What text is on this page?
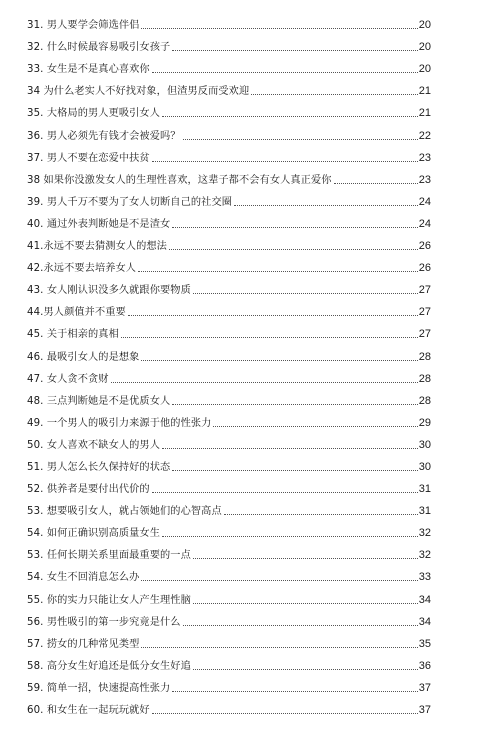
31. 男人要学会筛选伴侣	20
32. 什么时候最容易吸引女孩子	20
33. 女生是不是真心喜欢你	20
34 为什么老实人不好找对象，但渣男反而受欢迎	21
35. 大格局的男人更吸引女人	21
36. 男人必须先有钱才会被爱吗？	22
37. 男人不要在恋爱中扶贫	23
38 如果你没激发女人的生理性喜欢，这辈子都不会有女人真正爱你	23
39. 男人千万不要为了女人切断自己的社交圈	24
40. 通过外表判断她是不是渣女	24
41.永远不要去猜测女人的想法	26
42.永远不要去培养女人	26
43. 女人刚认识没多久就跟你要物质	27
44.男人颜值并不重要	27
45. 关于相亲的真相	27
46. 最吸引女人的是想象	28
47. 女人贪不贪财	28
48. 三点判断她是不是优质女人	28
49. 一个男人的吸引力来源于他的性张力	29
50. 女人喜欢不缺女人的男人	30
51. 男人怎么长久保持好的状态	30
52. 供养者是要付出代价的	31
53. 想要吸引女人，就占领她们的心智高点	31
54. 如何正确识别高质量女生	32
53. 任何长期关系里面最重要的一点	32
54. 女生不回消息怎么办	33
55. 你的实力只能让女人产生理性脑	34
56. 男性吸引的第一步究竟是什么	34
57. 捞女的几种常见类型	35
58. 高分女生好追还是低分女生好追	36
59. 简单一招，快速提高性张力	37
60. 和女生在一起玩玩就好	37
